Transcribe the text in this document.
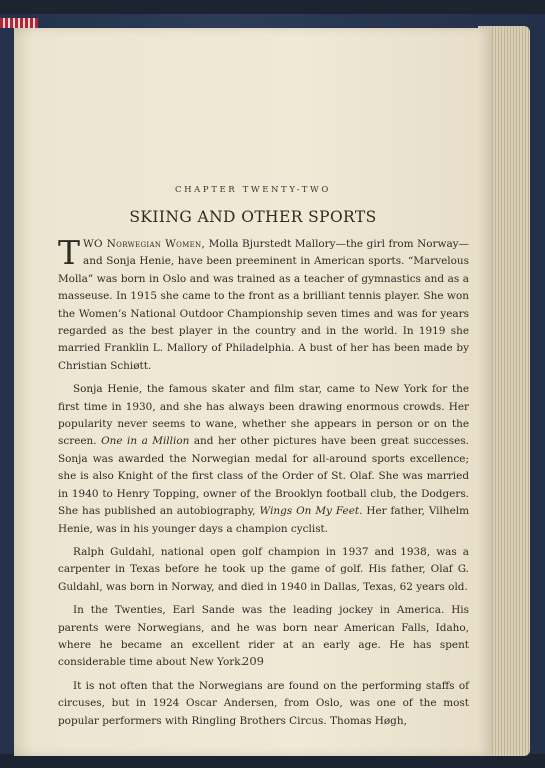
CHAPTER TWENTY-TWO
SKIING AND OTHER SPORTS

TWO Norwegian Women, Molla Bjurstedt Mallory—the girl from Norway—and Sonja Henie, have been preeminent in American sports. “Marvelous Molla” was born in Oslo and was trained as a teacher of gymnastics and as a masseuse. In 1915 she came to the front as a brilliant tennis player. She won the Women’s National Outdoor Championship seven times and was for years regarded as the best player in the country and in the world. In 1919 she married Franklin L. Mallory of Philadelphia. A bust of her has been made by Christian Schiøtt.

Sonja Henie, the famous skater and film star, came to New York for the first time in 1930, and she has always been drawing enormous crowds. Her popularity never seems to wane, whether she appears in person or on the screen. One in a Million and her other pictures have been great successes. Sonja was awarded the Norwegian medal for all-around sports excellence; she is also Knight of the first class of the Order of St. Olaf. She was married in 1940 to Henry Topping, owner of the Brooklyn football club, the Dodgers. She has published an autobiography, Wings On My Feet. Her father, Vilhelm Henie, was in his younger days a champion cyclist.

Ralph Guldahl, national open golf champion in 1937 and 1938, was a carpenter in Texas before he took up the game of golf. His father, Olaf G. Guldahl, was born in Norway, and died in 1940 in Dallas, Texas, 62 years old.

In the Twenties, Earl Sande was the leading jockey in America. His parents were Norwegians, and he was born near American Falls, Idaho, where he became an excellent rider at an early age. He has spent considerable time about New York.

It is not often that the Norwegians are found on the performing staffs of circuses, but in 1924 Oscar Andersen, from Oslo, was one of the most popular performers with Ringling Brothers Circus. Thomas Høgh,

209
